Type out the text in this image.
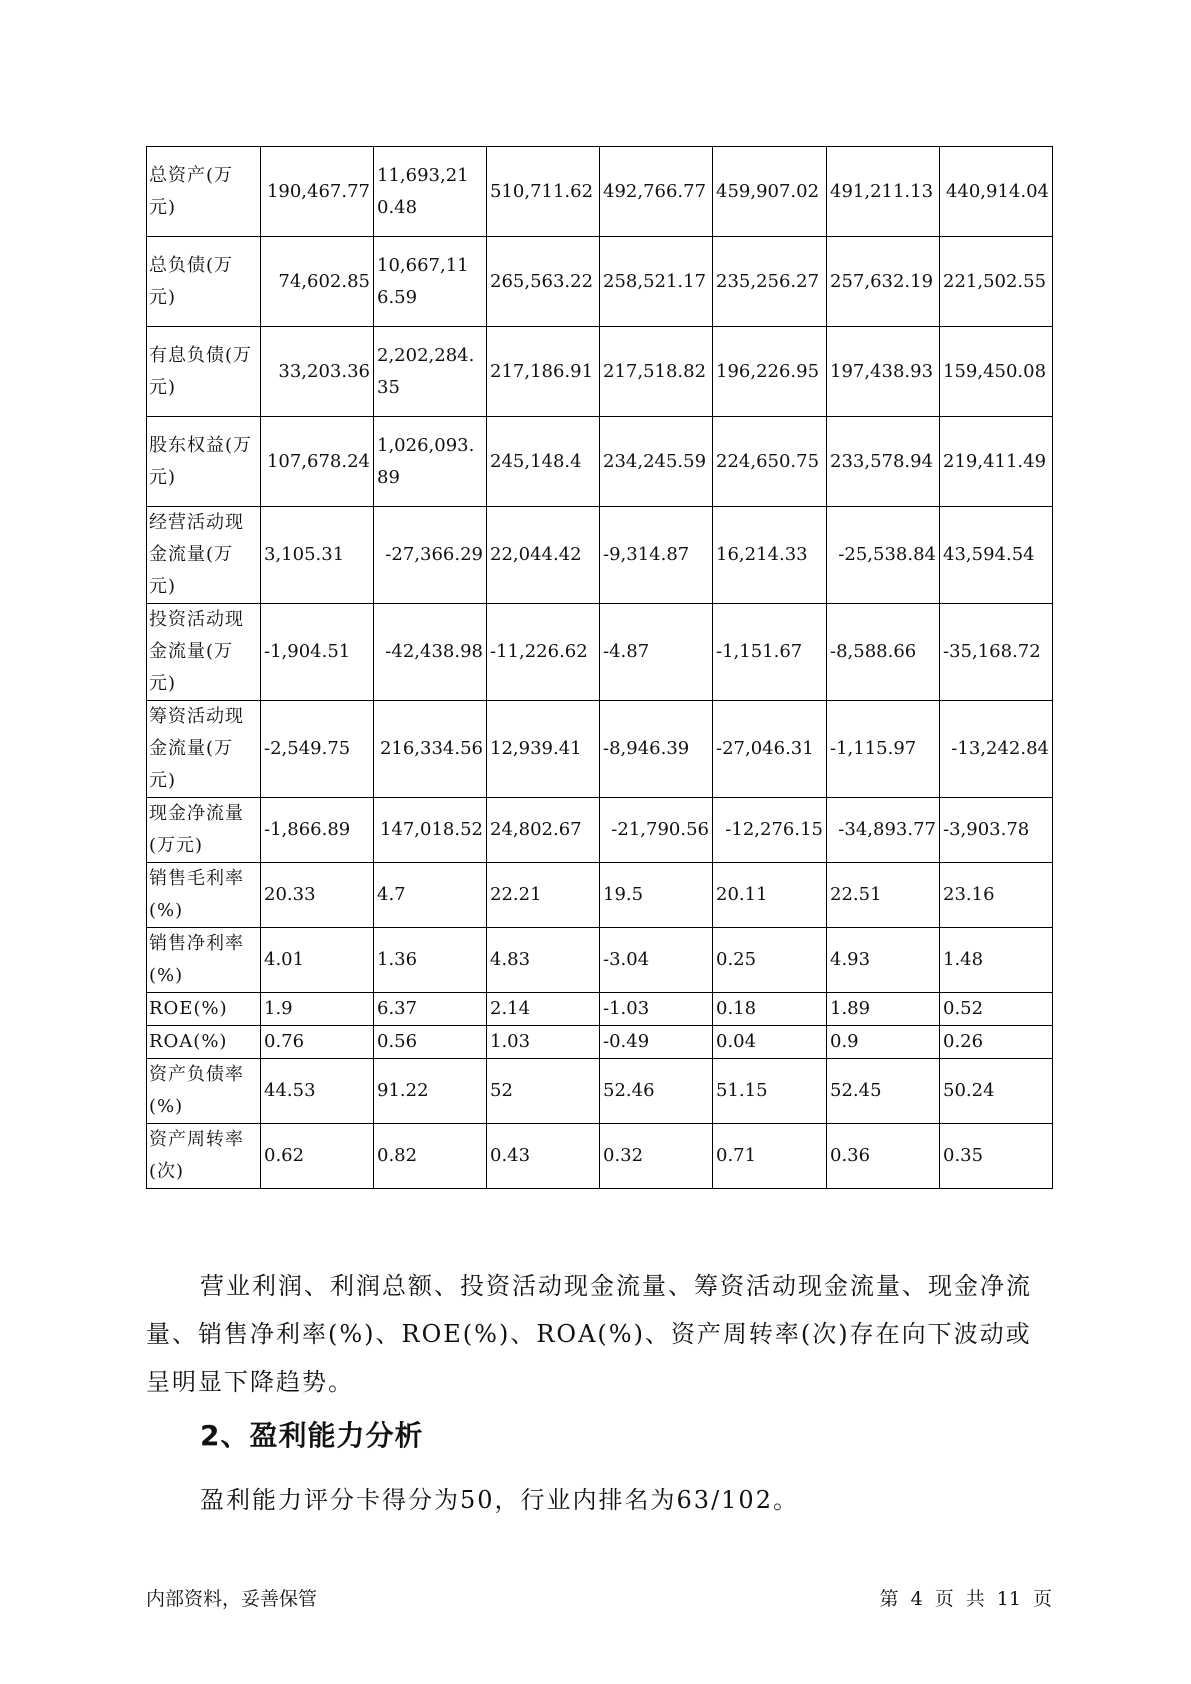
总资产(万元)	190,467.77	11,693,210.48	510,711.62	492,766.77	459,907.02	491,211.13	440,914.04
总负债(万元)	74,602.85	10,667,116.59	265,563.22	258,521.17	235,256.27	257,632.19	221,502.55
有息负债(万元)	33,203.36	2,202,284.35	217,186.91	217,518.82	196,226.95	197,438.93	159,450.08
股东权益(万元)	107,678.24	1,026,093.89	245,148.4	234,245.59	224,650.75	233,578.94	219,411.49
经营活动现金流量(万元)	3,105.31	-27,366.29	22,044.42	-9,314.87	16,214.33	-25,538.84	43,594.54
投资活动现金流量(万元)	-1,904.51	-42,438.98	-11,226.62	-4.87	-1,151.67	-8,588.66	-35,168.72
筹资活动现金流量(万元)	-2,549.75	216,334.56	12,939.41	-8,946.39	-27,046.31	-1,115.97	-13,242.84
现金净流量(万元)	-1,866.89	147,018.52	24,802.67	-21,790.56	-12,276.15	-34,893.77	-3,903.78
销售毛利率(%)	20.33	4.7	22.21	19.5	20.11	22.51	23.16
销售净利率(%)	4.01	1.36	4.83	-3.04	0.25	4.93	1.48
ROE(%)	1.9	6.37	2.14	-1.03	0.18	1.89	0.52
ROA(%)	0.76	0.56	1.03	-0.49	0.04	0.9	0.26
资产负债率(%)	44.53	91.22	52	52.46	51.15	52.45	50.24
资产周转率(次)	0.62	0.82	0.43	0.32	0.71	0.36	0.35

营业利润、利润总额、投资活动现金流量、筹资活动现金流量、现金净流量、销售净利率(%)、ROE(%)、ROA(%)、资产周转率(次)存在向下波动或呈明显下降趋势。

2、盈利能力分析

盈利能力评分卡得分为50，行业内排名为63/102。

内部资料，妥善保管	第 4 页 共 11 页
